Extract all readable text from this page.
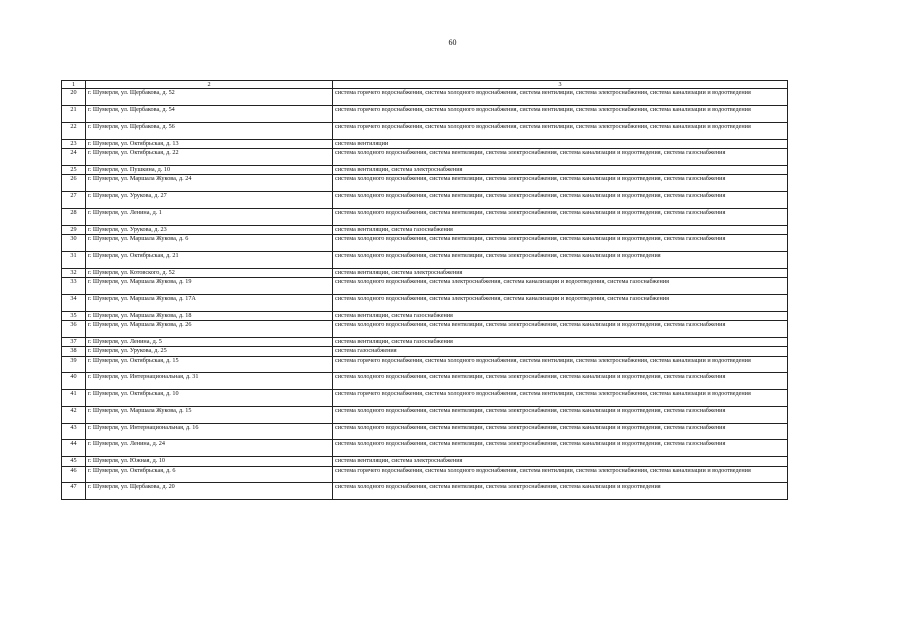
60
1	2	3
20	г. Шумерля, ул. Щербакова, д. 52	система горячего водоснабжения, система холодного водоснабжения, система вентиляции, система электроснабжения, система канализации и водоотведения
21	г. Шумерля, ул. Щербакова, д. 54	система горячего водоснабжения, система холодного водоснабжения, система вентиляции, система электроснабжения, система канализации и водоотведения
22	г. Шумерля, ул. Щербакова, д. 56	система горячего водоснабжения, система холодного водоснабжения, система вентиляции, система электроснабжения, система канализации и водоотведения
23	г. Шумерля, ул. Октябрьская, д. 13	система вентиляции
24	г. Шумерля, ул. Октябрьская, д. 22	система холодного водоснабжения, система вентиляции, система электроснабжения, система канализации и водоотведения, система газоснабжения
25	г. Шумерля, ул. Пушкина, д. 10	система вентиляции, система электроснабжения
26	г. Шумерля, ул. Маршала Жукова, д. 24	система холодного водоснабжения, система вентиляции, система электроснабжения, система канализации и водоотведения, система газоснабжения
27	г. Шумерля, ул. Урукова, д. 27	система холодного водоснабжения, система вентиляции, система электроснабжения, система канализации и водоотведения, система газоснабжения
28	г. Шумерля, ул. Ленина, д. 1	система холодного водоснабжения, система вентиляции, система электроснабжения, система канализации и водоотведения, система газоснабжения
29	г. Шумерля, ул. Урукова, д. 23	система вентиляции, система газоснабжения
30	г. Шумерля, ул. Маршала Жукова, д. 6	система холодного водоснабжения, система вентиляции, система электроснабжения, система канализации и водоотведения, система газоснабжения
31	г. Шумерля, ул. Октябрьская, д. 21	система холодного водоснабжения, система вентиляции, система электроснабжения, система канализации и водоотведения
32	г. Шумерля, ул. Котовского, д. 52	система вентиляции, система электроснабжения
33	г. Шумерля, ул. Маршала Жукова, д. 19	система холодного водоснабжения, система электроснабжения, система канализации и водоотведения, система газоснабжения
34	г. Шумерля, ул. Маршала Жукова, д. 17А	система холодного водоснабжения, система электроснабжения, система канализации и водоотведения, система газоснабжения
35	г. Шумерля, ул. Маршала Жукова, д. 18	система вентиляции, система газоснабжения
36	г. Шумерля, ул. Маршала Жукова, д. 26	система холодного водоснабжения, система вентиляции, система электроснабжения, система канализации и водоотведения, система газоснабжения
37	г. Шумерля, ул. Ленина, д. 5	система вентиляции, система газоснабжения
38	г. Шумерля, ул. Урукова, д. 25	система газоснабжения
39	г. Шумерля, ул. Октябрьская, д. 15	система горячего водоснабжения, система холодного водоснабжения, система вентиляции, система электроснабжения, система канализации и водоотведения
40	г. Шумерля, ул. Интернациональная, д. 31	система холодного водоснабжения, система вентиляции, система электроснабжения, система канализации и водоотведения, система газоснабжения
41	г. Шумерля, ул. Октябрьская, д. 10	система горячего водоснабжения, система холодного водоснабжения, система вентиляции, система электроснабжения, система канализации и водоотведения
42	г. Шумерля, ул. Маршала Жукова, д. 15	система холодного водоснабжения, система вентиляции, система электроснабжения, система канализации и водоотведения, система газоснабжения
43	г. Шумерля, ул. Интернациональная, д. 16	система холодного водоснабжения, система вентиляции, система электроснабжения, система канализации и водоотведения, система газоснабжения
44	г. Шумерля, ул. Ленина, д. 24	система холодного водоснабжения, система вентиляции, система электроснабжения, система канализации и водоотведения, система газоснабжения
45	г. Шумерля, ул. Южная, д. 10	система вентиляции, система электроснабжения
46	г. Шумерля, ул. Октябрьская, д. 6	система горячего водоснабжения, система холодного водоснабжения, система вентиляции, система электроснабжения, система канализации и водоотведения
47	г. Шумерля, ул. Щербакова, д. 20	система холодного водоснабжения, система вентиляции, система электроснабжения, система канализации и водоотведения
